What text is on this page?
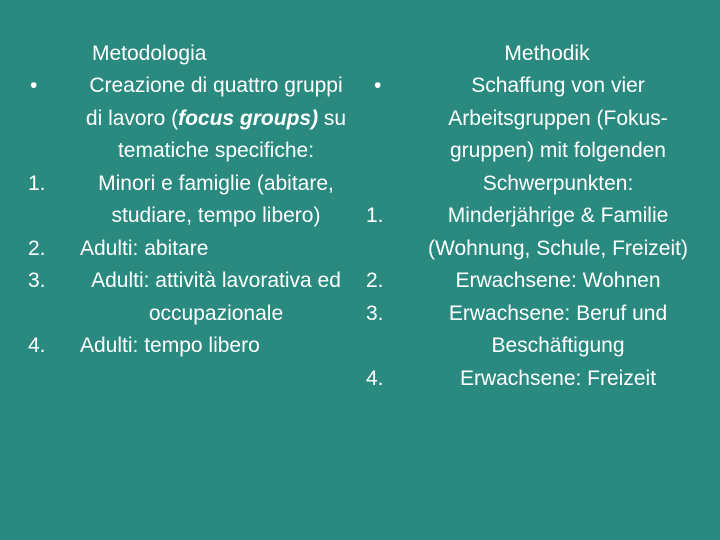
Metodologia
•	Creazione di quattro gruppi di lavoro (focus groups) su tematiche specifiche:
1.	Minori e famiglie (abitare, studiare, tempo libero)
2.	Adulti: abitare
3.	Adulti: attività lavorativa ed occupazionale
4.	Adulti: tempo libero
Methodik
•	Schaffung von vier Arbeitsgruppen (Fokus-gruppen) mit folgenden Schwerpunkten:
1.	Minderjährige & Familie (Wohnung, Schule, Freizeit)
2.	Erwachsene: Wohnen
3.	Erwachsene: Beruf und Beschäftigung
4.	Erwachsene: Freizeit
